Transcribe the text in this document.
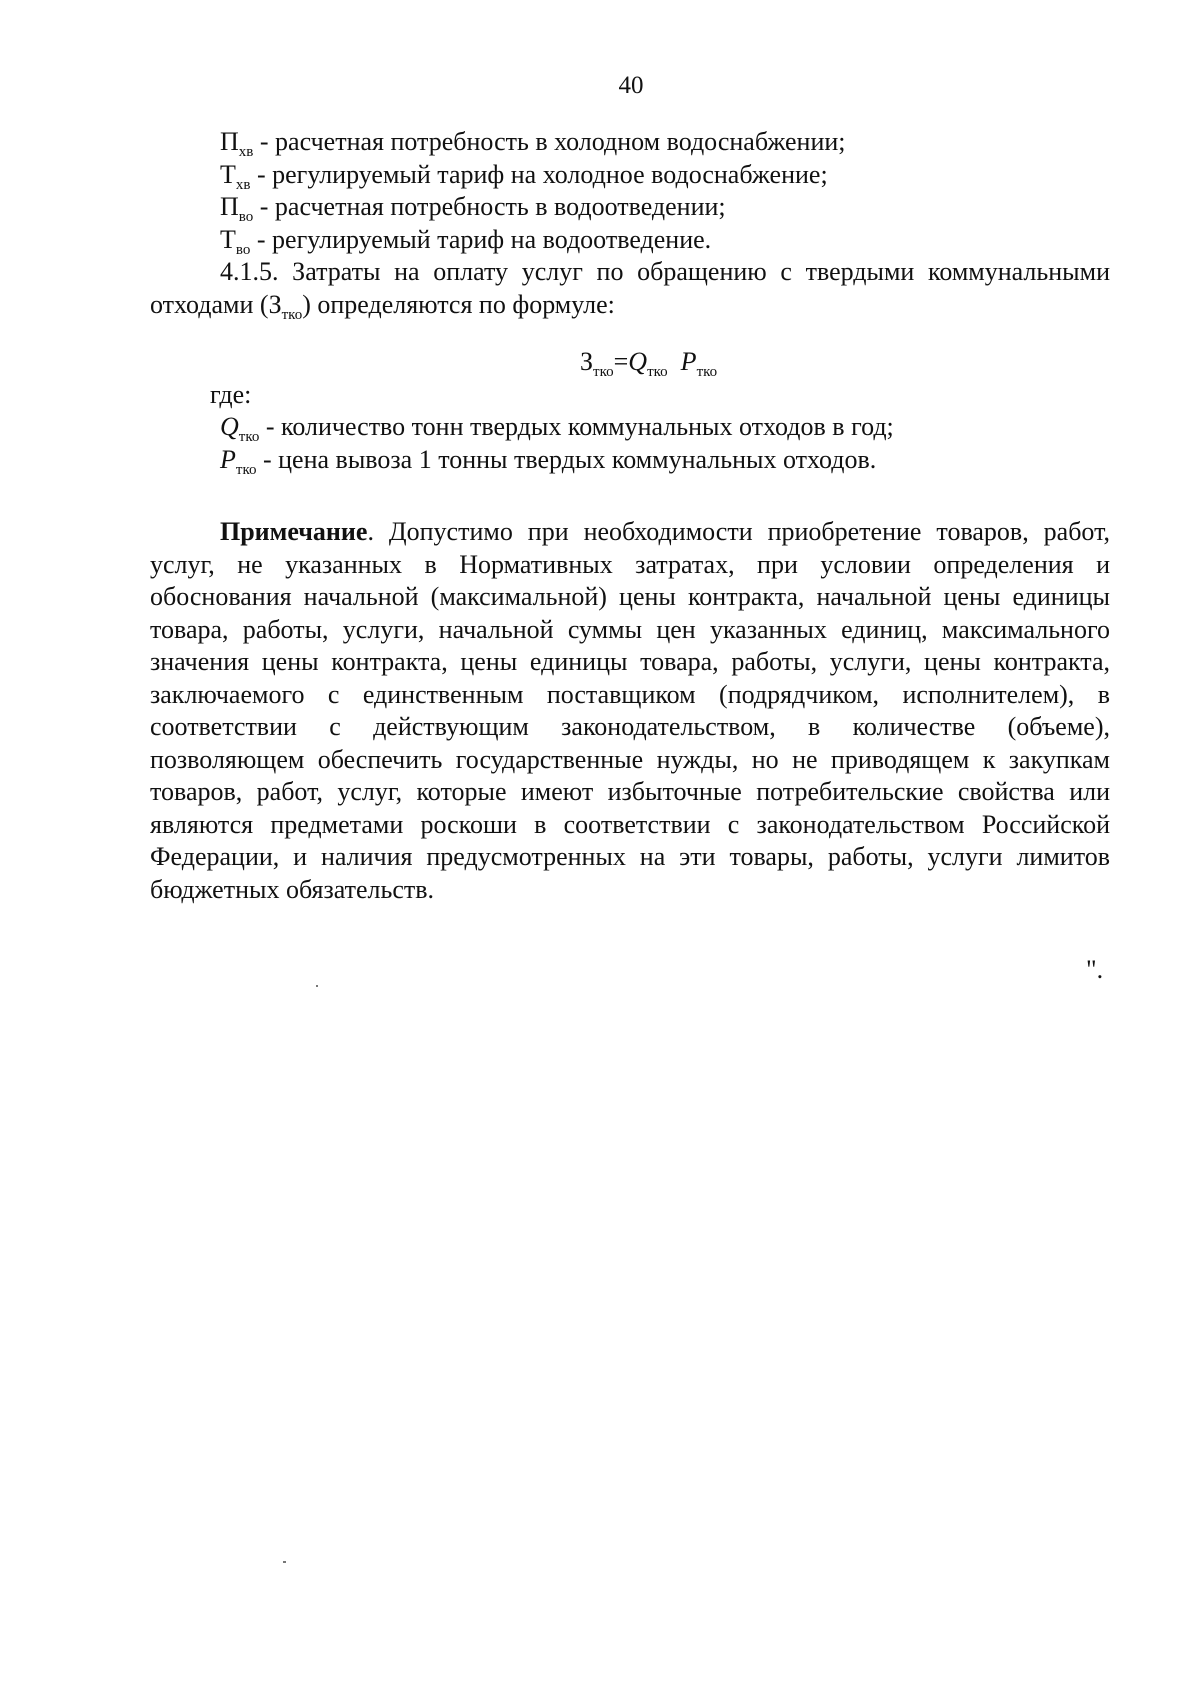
40

$П_{хв}$ - расчетная потребность в холодном водоснабжении;

$Т_{хв}$ - регулируемый тариф на холодное водоснабжение;

$П_{во}$ - расчетная потребность в водоотведении;

$Т_{во}$ - регулируемый тариф на водоотведение.

4.1.5. Затраты на оплату услуг по обращению с твердыми коммунальными отходами $(З_{тко})$ определяются по формуле:

$З_{тко}=Q_{тко}$ $P_{тко}$

где:

$Q_{тко}$ - количество тонн твердых коммунальных отходов в год;

$P_{тко}$ - цена вывоза 1 тонны твердых коммунальных отходов.

Примечание. Допустимо при необходимости приобретение товаров, работ, услуг, не указанных в Нормативных затратах, при условии определения и обоснования начальной (максимальной) цены контракта, начальной цены единицы товара, работы, услуги, начальной суммы цен указанных единиц, максимального значения цены контракта, цены единицы товара, работы, услуги, цены контракта, заключаемого с единственным поставщиком (подрядчиком, исполнителем), в соответствии с действующим законодательством, в количестве (объеме), позволяющем обеспечить государственные нужды, но не приводящем к закупкам товаров, работ, услуг, которые имеют избыточные потребительские свойства или являются предметами роскоши в соответствии с законодательством Российской Федерации, и наличия предусмотренных на эти товары, работы, услуги лимитов бюджетных обязательств.

".
